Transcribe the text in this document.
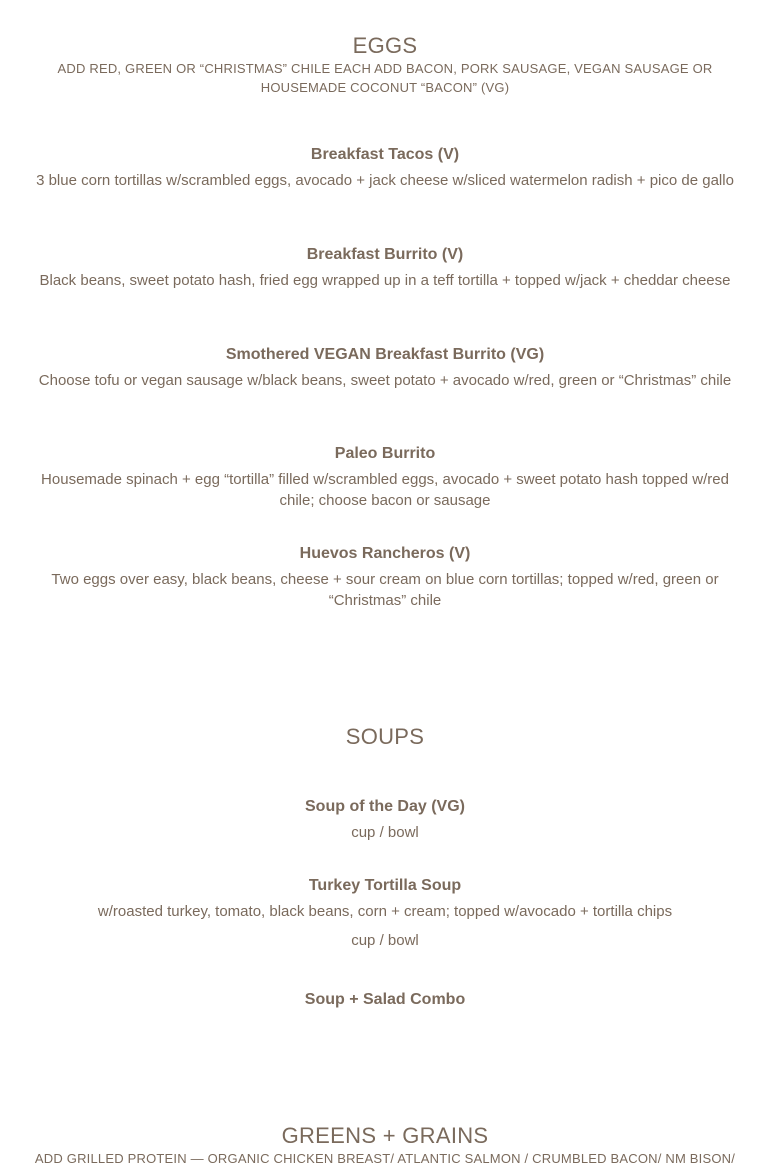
EGGS
ADD RED, GREEN OR “CHRISTMAS” CHILE EACH ADD BACON, PORK SAUSAGE, VEGAN SAUSAGE OR HOUSEMADE COCONUT “BACON” (VG)
Breakfast Tacos (V)
3 blue corn tortillas w/scrambled eggs, avocado + jack cheese w/sliced watermelon radish + pico de gallo
Breakfast Burrito (V)
Black beans, sweet potato hash, fried egg wrapped up in a teff tortilla + topped w/jack + cheddar cheese
Smothered VEGAN Breakfast Burrito (VG)
Choose tofu or vegan sausage w/black beans, sweet potato + avocado w/red, green or “Christmas” chile
Paleo Burrito
Housemade spinach + egg “tortilla” filled w/scrambled eggs, avocado + sweet potato hash topped w/red chile; choose bacon or sausage
Huevos Rancheros (V)
Two eggs over easy, black beans, cheese + sour cream on blue corn tortillas; topped w/red, green or “Christmas” chile
SOUPS
Soup of the Day (VG)
cup / bowl
Turkey Tortilla Soup
w/roasted turkey, tomato, black beans, corn + cream; topped w/avocado + tortilla chips
cup / bowl
Soup + Salad Combo
GREENS + GRAINS
ADD GRILLED PROTEIN — ORGANIC CHICKEN BREAST/ ATLANTIC SALMON / CRUMBLED BACON/ NM BISON/
